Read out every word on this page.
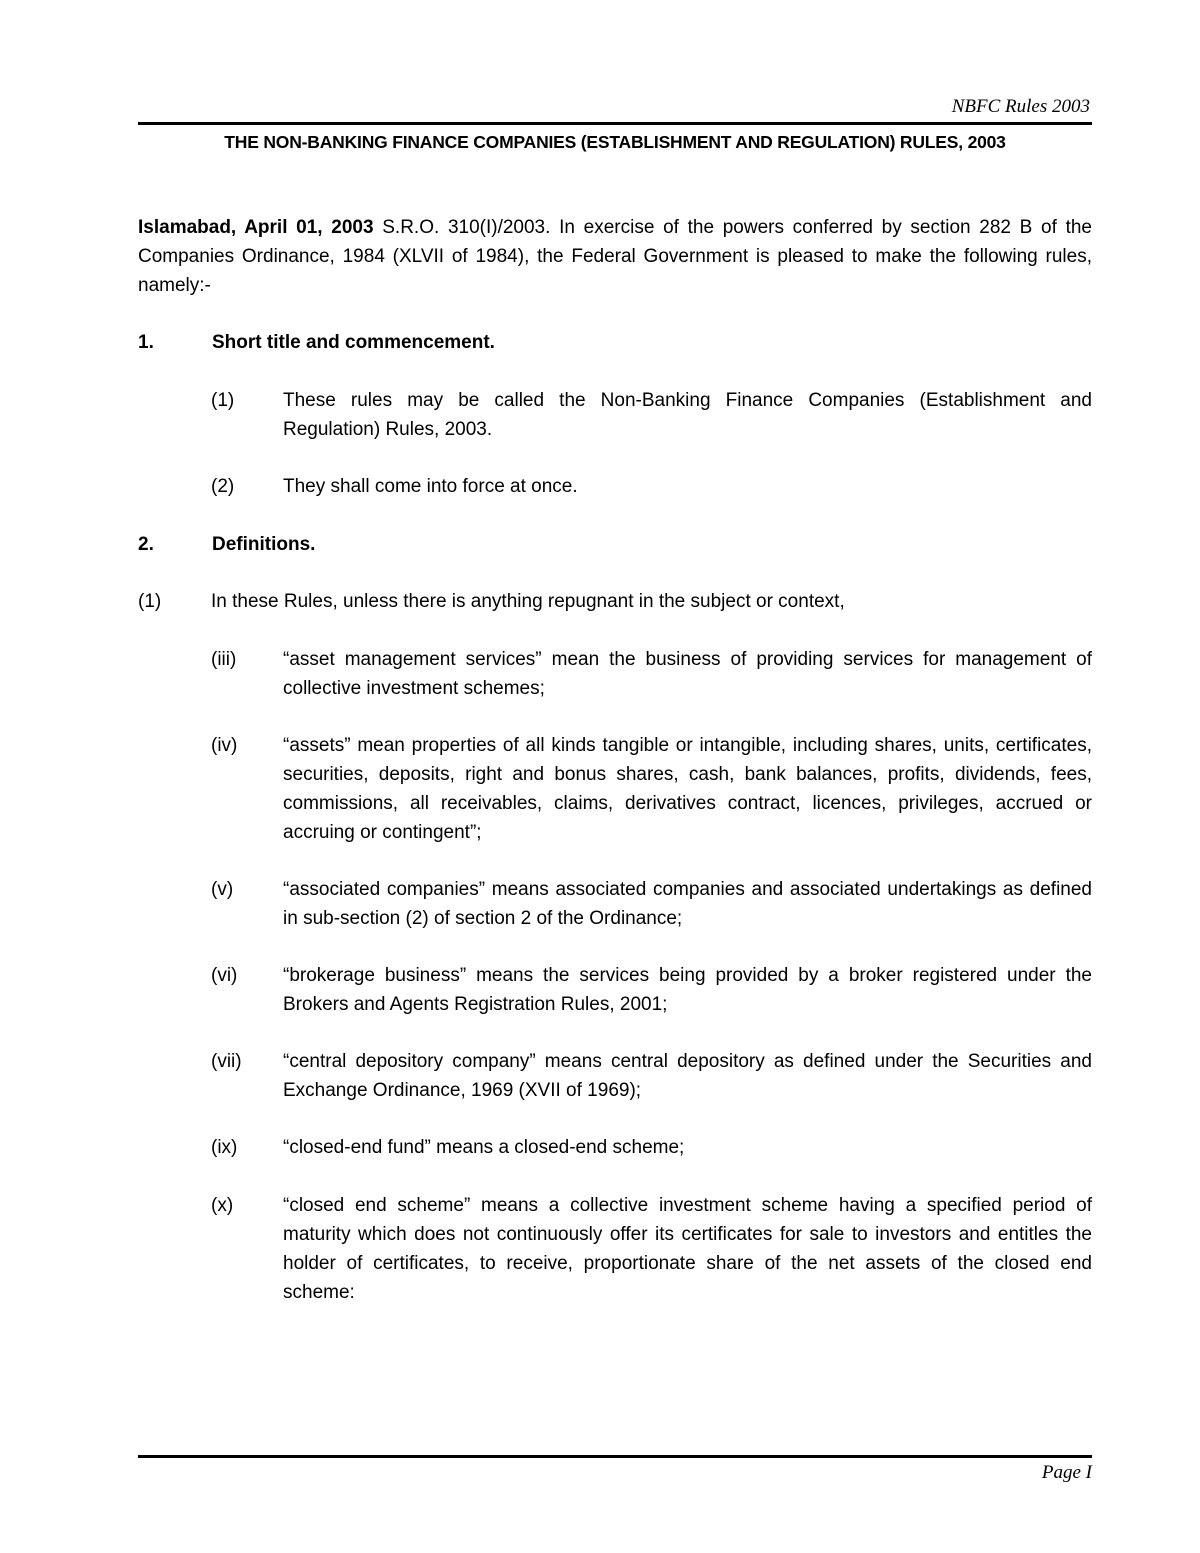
NBFC Rules 2003
THE NON-BANKING FINANCE COMPANIES (ESTABLISHMENT AND REGULATION) RULES, 2003
Islamabad, April 01, 2003 S.R.O. 310(I)/2003. In exercise of the powers conferred by section 282 B of the Companies Ordinance, 1984 (XLVII of 1984), the Federal Government is pleased to make the following rules, namely:-
1.	Short title and commencement.
(1)	These rules may be called the Non-Banking Finance Companies (Establishment and Regulation) Rules, 2003.
(2)	They shall come into force at once.
2.	Definitions.
(1)	In these Rules, unless there is anything repugnant in the subject or context,
(iii)	“asset management services” mean the business of providing services for management of collective investment schemes;
(iv)	“assets” mean properties of all kinds tangible or intangible, including shares, units, certificates, securities, deposits, right and bonus shares, cash, bank balances, profits, dividends, fees, commissions, all receivables, claims, derivatives contract, licences, privileges, accrued or accruing or contingent”;
(v)	“associated companies” means associated companies and associated undertakings as defined in sub-section (2) of section 2 of the Ordinance;
(vi)	“brokerage business” means the services being provided by a broker registered under the Brokers and Agents Registration Rules, 2001;
(vii)	“central depository company” means central depository as defined under the Securities and Exchange Ordinance, 1969 (XVII of 1969);
(ix)	“closed-end fund” means a closed-end scheme;
(x)	“closed end scheme” means a collective investment scheme having a specified period of maturity which does not continuously offer its certificates for sale to investors and entitles the holder of certificates, to receive, proportionate share of the net assets of the closed end scheme:
Page I
